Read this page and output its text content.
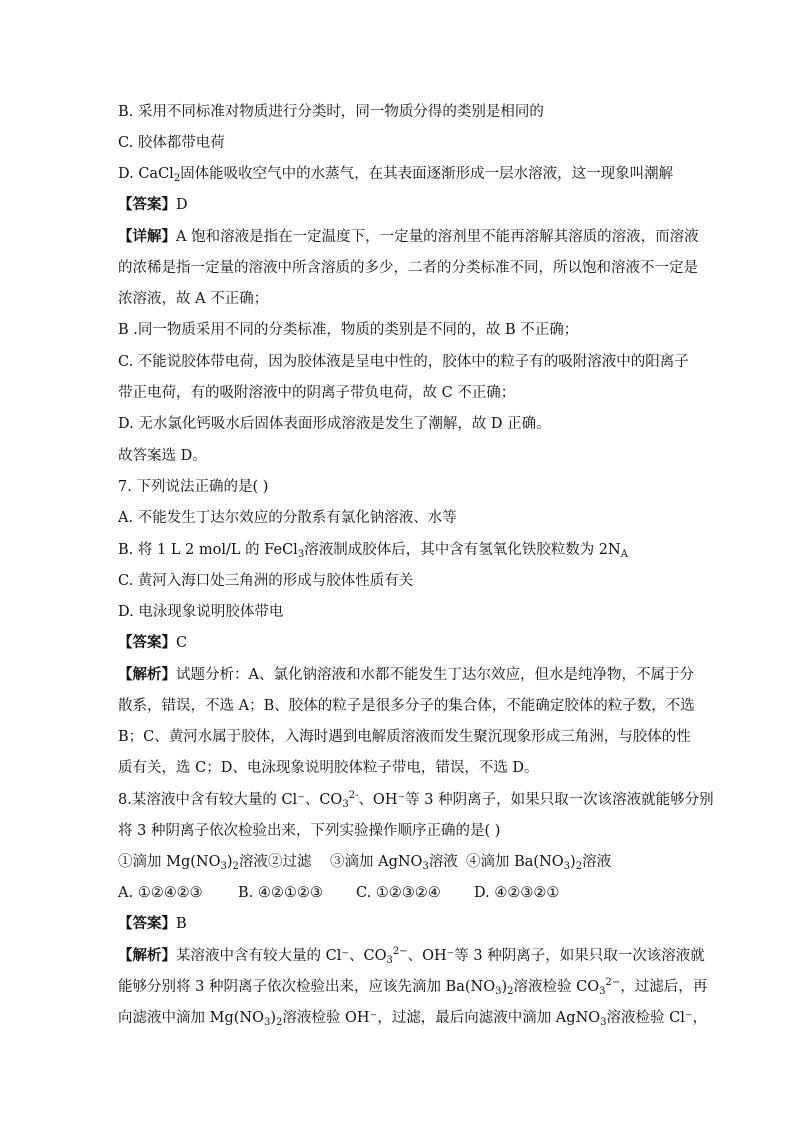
B. 采用不同标准对物质进行分类时，同一物质分得的类别是相同的
C. 胶体都带电荷
D. CaCl$_2$固体能吸收空气中的水蒸气，在其表面逐渐形成一层水溶液，这一现象叫潮解
【答案】D
【详解】A 饱和溶液是指在一定温度下，一定量的溶剂里不能再溶解其溶质的溶液，而溶液
的浓稀是指一定量的溶液中所含溶质的多少，二者的分类标准不同，所以饱和溶液不一定是
浓溶液，故 A 不正确；
B .同一物质采用不同的分类标准，物质的类别是不同的，故 B 不正确；
C. 不能说胶体带电荷，因为胶体液是呈电中性的，胶体中的粒子有的吸附溶液中的阳离子
带正电荷，有的吸附溶液中的阴离子带负电荷，故 C 不正确；
D. 无水氯化钙吸水后固体表面形成溶液是发生了潮解，故 D 正确。
故答案选 D。
7. 下列说法正确的是( )
A. 不能发生丁达尔效应的分散系有氯化钠溶液、水等
B. 将 1 L 2 mol/L 的 FeCl$_3$溶液制成胶体后，其中含有氢氧化铁胶粒数为 $2N_A$
C. 黄河入海口处三角洲的形成与胶体性质有关
D. 电泳现象说明胶体带电
【答案】C
【解析】试题分析：A、氯化钠溶液和水都不能发生丁达尔效应，但水是纯净物，不属于分
散系，错误，不选 A；B、胶体的粒子是很多分子的集合体，不能确定胶体的粒子数，不选
B；C、黄河水属于胶体，入海时遇到电解质溶液而发生聚沉现象形成三角洲，与胶体的性
质有关，选 C；D、电泳现象说明胶体粒子带电，错误，不选 D。
8.某溶液中含有较大量的 Cl⁻、$CO_3^{2-}$、OH⁻等 3 种阴离子，如果只取一次该溶液就能够分别
将 3 种阴离子依次检验出来，下列实验操作顺序正确的是( )
①滴加 $Mg(NO_3)_2$溶液 ②过滤 ③滴加 AgNO$_3$溶液 ④滴加 $Ba(NO_3)_2$溶液
A. ①②④②③ B. ④②①②③ C. ①②③②④ D. ④②③②①
【答案】B
【解析】某溶液中含有较大量的 Cl⁻、$CO_3^{2-}$、OH⁻等 3 种阴离子，如果只取一次该溶液就
能够分别将 3 种阴离子依次检验出来，应该先滴加 $Ba(NO_3)_2$溶液检验 $CO_3^{2-}$，过滤后，再
向滤液中滴加 $Mg(NO_3)_2$溶液检验 OH⁻，过滤，最后向滤液中滴加 AgNO$_3$溶液检验 Cl⁻，
